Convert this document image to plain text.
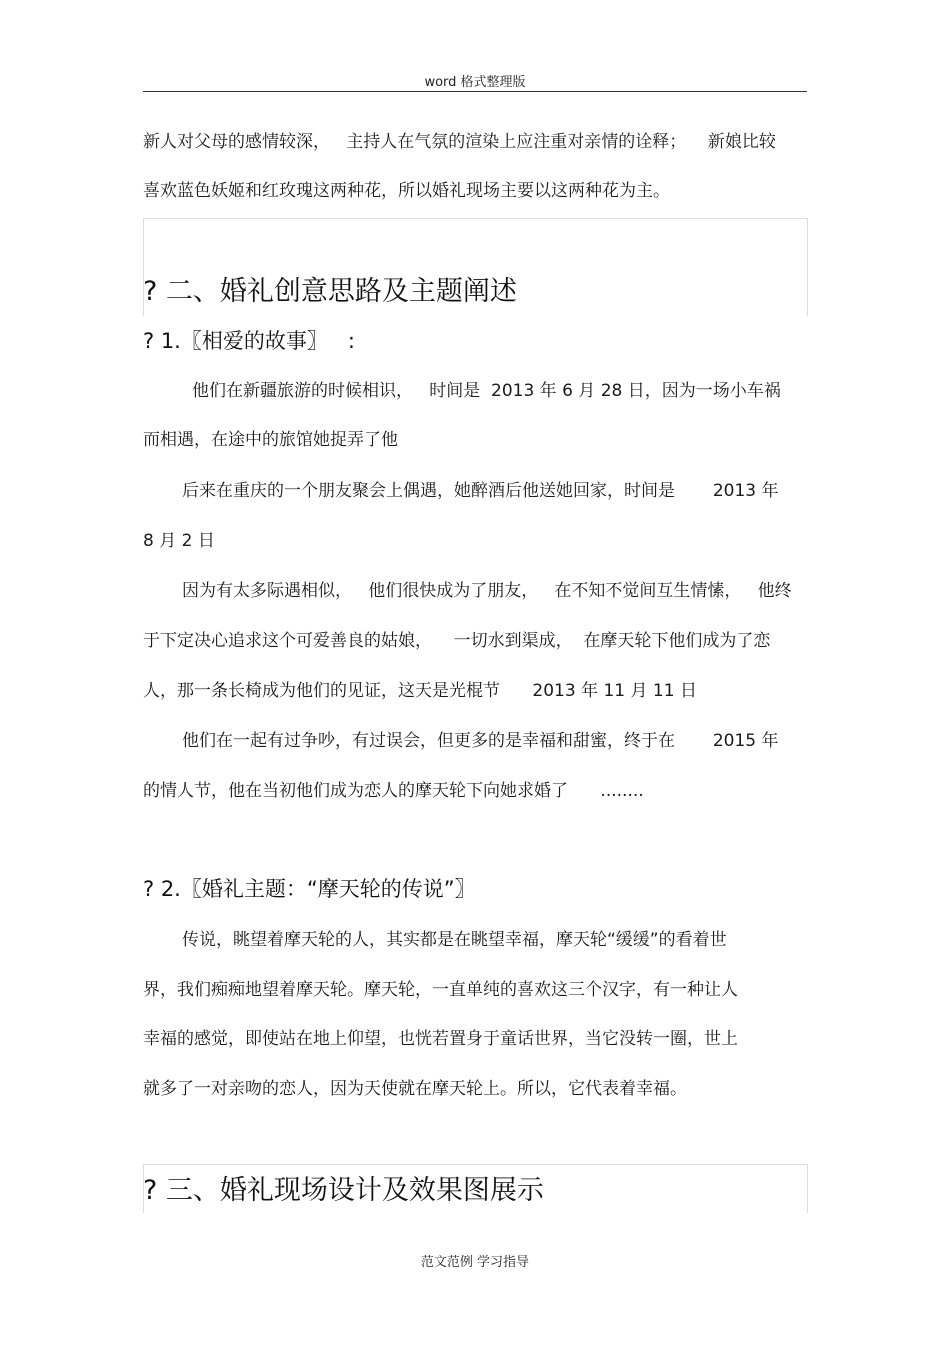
word 格式整理版
新人对父母的感情较深，   主持人在气氛的渲染上应注重对亲情的诠释；    新娘比较
喜欢蓝色妖姬和红玫瑰这两种花，所以婚礼现场主要以这两种花为主。
? 二、婚礼创意思路及主题阐述
? 1.〖相爱的故事〗   :
他们在新疆旅游的时候相识，   时间是  2013 年 6 月 28 日，因为一场小车祸
而相遇，在途中的旅馆她捉弄了他
后来在重庆的一个朋友聚会上偶遇，她醉酒后他送她回家，时间是       2013 年
8 月 2 日
因为有太多际遇相似，   他们很快成为了朋友，   在不知不觉间互生情愫，   他终
于下定决心追求这个可爱善良的姑娘，    一切水到渠成，  在摩天轮下他们成为了恋
人，那一条长椅成为他们的见证，这天是光棍节      2013 年 11 月 11 日
他们在一起有过争吵，有过误会，但更多的是幸福和甜蜜，终于在       2015 年
的情人节，他在当初他们成为恋人的摩天轮下向她求婚了      ........
? 2.〖婚礼主题：“摩天轮的传说”〗
传说，眺望着摩天轮的人，其实都是在眺望幸福，摩天轮“缓缓”的看着世
界，我们痴痴地望着摩天轮。摩天轮，一直单纯的喜欢这三个汉字，有一种让人
幸福的感觉，即使站在地上仰望，也恍若置身于童话世界，当它没转一圈，世上
就多了一对亲吻的恋人，因为天使就在摩天轮上。所以，它代表着幸福。
? 三、婚礼现场设计及效果图展示
范文范例 学习指导
